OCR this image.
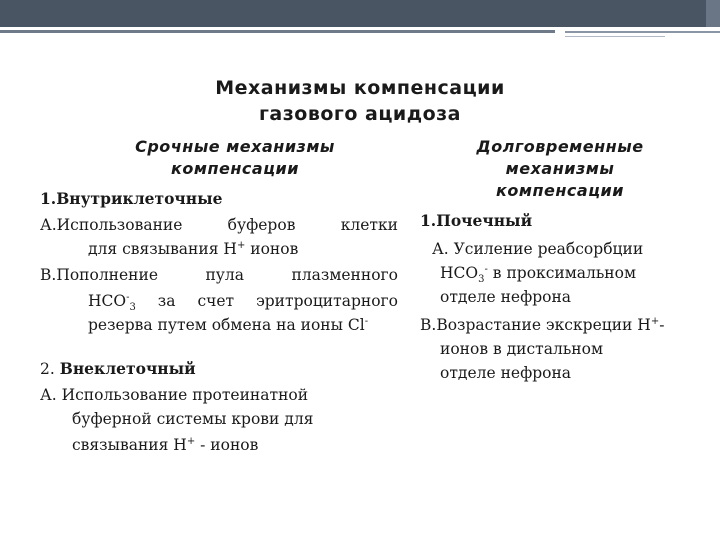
Механизмы компенсации
газового ацидоза
Срочные механизмы
компенсации
1.Внутриклеточные
А.Использование буферов клетки
для связывания Н+ ионов
В.Пополнение пула плазменного
$HCO^-_3$ за счет эритроцитарного
резерва путем обмена на ионы Cl-
2. Внеклеточный
А. Использование протеинатной
буферной системы крови для
связывания Н+ - ионов
Долговременные
механизмы
компенсации
1.Почечный
А. Усиление реабсорбции
$HCO_3^-$ в проксимальном
отделе нефрона
В.Возрастание экскреции Н+-
ионов в дистальном
отделе нефрона
